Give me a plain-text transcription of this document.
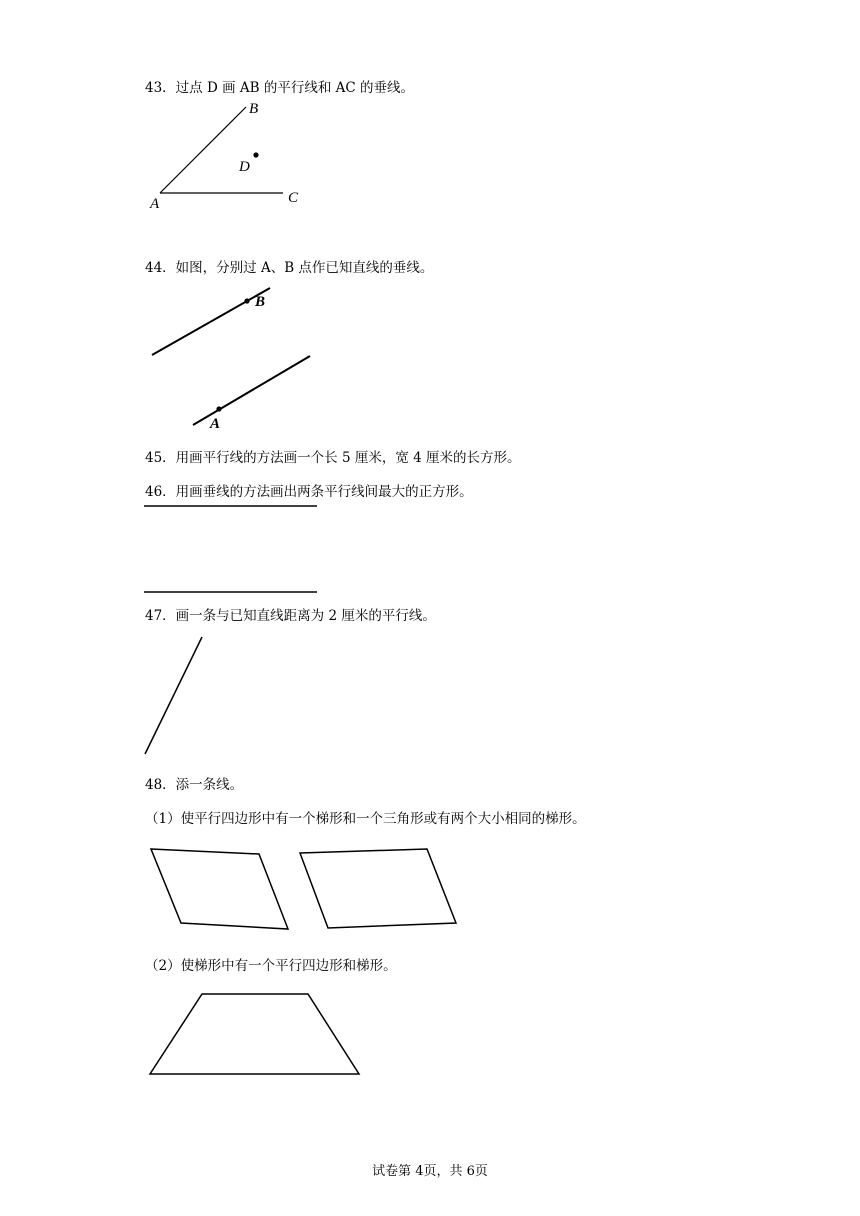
43．过点 D 画 AB 的平行线和 AC 的垂线。
A
B
C
D
44．如图，分别过 A、B 点作已知直线的垂线。
B
A
45．用画平行线的方法画一个长 5 厘米，宽 4 厘米的长方形。
46．用画垂线的方法画出两条平行线间最大的正方形。
47．画一条与已知直线距离为 2 厘米的平行线。
48．添一条线。
（1）使平行四边形中有一个梯形和一个三角形或有两个大小相同的梯形。
（2）使梯形中有一个平行四边形和梯形。
试卷第 4页，共 6页
